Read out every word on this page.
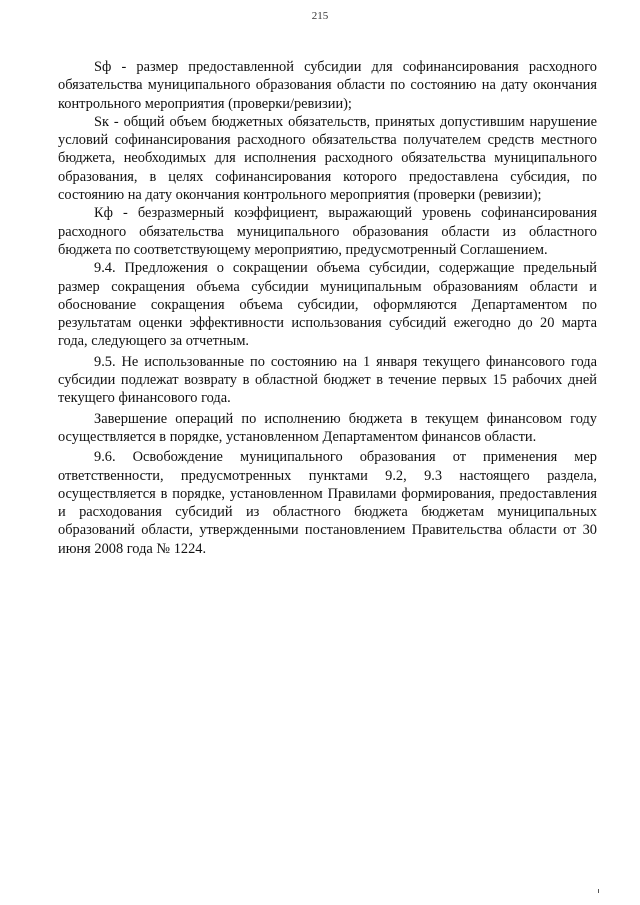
215

Sф - размер предоставленной субсидии для софинансирования расходного обязательства муниципального образования области по состоянию на дату окончания контрольного мероприятия (проверки/ревизии);

Sк - общий объем бюджетных обязательств, принятых допустившим нарушение условий софинансирования расходного обязательства получателем средств местного бюджета, необходимых для исполнения расходного обязательства муниципального образования, в целях софинансирования которого предоставлена субсидия, по состоянию на дату окончания контрольного мероприятия (проверки (ревизии);

Кф - безразмерный коэффициент, выражающий уровень софинансирования расходного обязательства муниципального образования области из областного бюджета по соответствующему мероприятию, предусмотренный Соглашением.

9.4. Предложения о сокращении объема субсидии, содержащие предельный размер сокращения объема субсидии муниципальным образованиям области и обоснование сокращения объема субсидии, оформляются Департаментом по результатам оценки эффективности использования субсидий ежегодно до 20 марта года, следующего за отчетным.

9.5. Не использованные по состоянию на 1 января текущего финансового года субсидии подлежат возврату в областной бюджет в течение первых 15 рабочих дней текущего финансового года.

Завершение операций по исполнению бюджета в текущем финансовом году осуществляется в порядке, установленном Департаментом финансов области.

9.6. Освобождение муниципального образования от применения мер ответственности, предусмотренных пунктами 9.2, 9.3 настоящего раздела, осуществляется в порядке, установленном Правилами формирования, предоставления и расходования субсидий из областного бюджета бюджетам муниципальных образований области, утвержденными постановлением Правительства области от 30 июня 2008 года № 1224.
